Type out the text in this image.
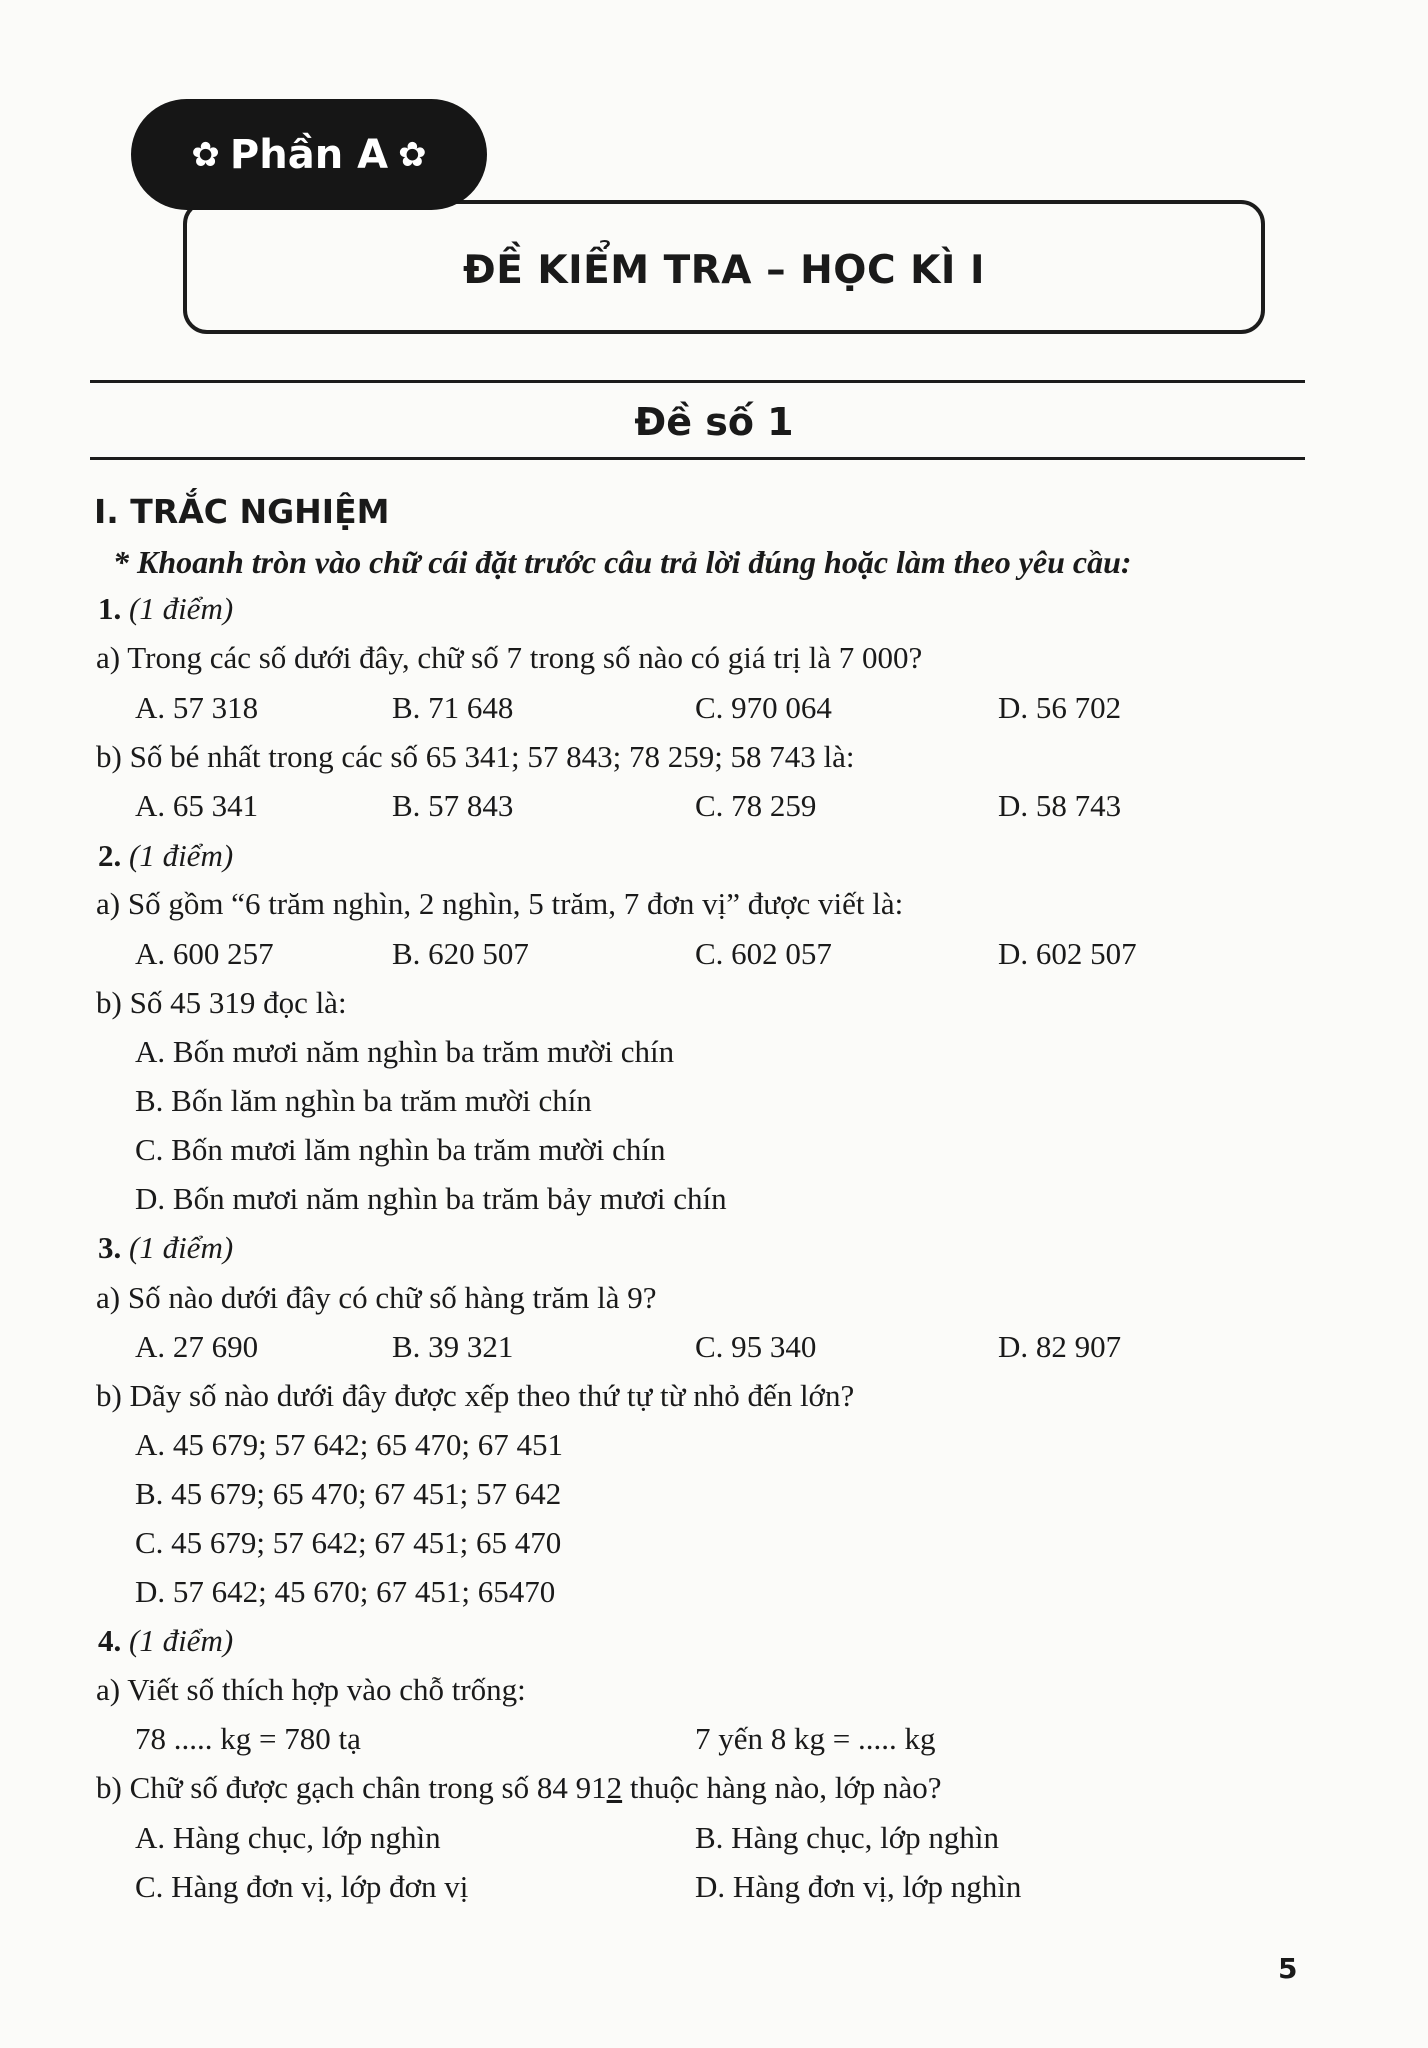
ĐỀ KIỂM TRA – HỌC KÌ I
✿ Phần A ✿
Đề số 1
I. TRẮC NGHIỆM
* Khoanh tròn vào chữ cái đặt trước câu trả lời đúng hoặc làm theo yêu cầu:
1. (1 điểm)
a) Trong các số dưới đây, chữ số 7 trong số nào có giá trị là 7 000?
A. 57 318	B. 71 648	C. 970 064	D. 56 702
b) Số bé nhất trong các số 65 341; 57 843; 78 259; 58 743 là:
A. 65 341	B. 57 843	C. 78 259	D. 58 743
2. (1 điểm)
a) Số gồm “6 trăm nghìn, 2 nghìn, 5 trăm, 7 đơn vị” được viết là:
A. 600 257	B. 620 507	C. 602 057	D. 602 507
b) Số 45 319 đọc là:
A. Bốn mươi năm nghìn ba trăm mười chín
B. Bốn lăm nghìn ba trăm mười chín
C. Bốn mươi lăm nghìn ba trăm mười chín
D. Bốn mươi năm nghìn ba trăm bảy mươi chín
3. (1 điểm)
a) Số nào dưới đây có chữ số hàng trăm là 9?
A. 27 690	B. 39 321	C. 95 340	D. 82 907
b) Dãy số nào dưới đây được xếp theo thứ tự từ nhỏ đến lớn?
A. 45 679; 57 642; 65 470; 67 451
B. 45 679; 65 470; 67 451; 57 642
C. 45 679; 57 642; 67 451; 65 470
D. 57 642; 45 670; 67 451; 65470
4. (1 điểm)
a) Viết số thích hợp vào chỗ trống:
78 ..... kg = 780 tạ	7 yến 8 kg = ..... kg
b) Chữ số được gạch chân trong số 84 912 thuộc hàng nào, lớp nào?
A. Hàng chục, lớp nghìn	B. Hàng chục, lớp nghìn
C. Hàng đơn vị, lớp đơn vị	D. Hàng đơn vị, lớp nghìn
5
